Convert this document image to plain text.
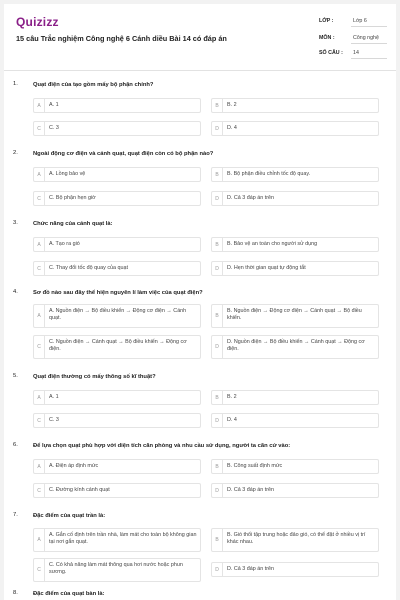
Quizizz
15 câu Trắc nghiệm Công nghệ 6 Cánh diều Bài 14 có đáp án
LỚP :	Lớp 6
MÔN :	Công nghệ
SỐ CÂU : 14
1.	Quạt điện của tạo gồm mấy bộ phận chính?
A	A. 1	B	B. 2
C	C. 3	D	D. 4
2.	Ngoài động cơ điện và cánh quạt, quạt điện còn có bộ phận nào?
A	A. Lồng bảo vệ	B	B. Bộ phận điều chỉnh tốc độ quay.
C	C. Bộ phận hẹn giờ	D	D. Cả 3 đáp án trên
3.	Chức năng của cánh quạt là:
A	A. Tạo ra gió	B	B. Bảo vệ an toàn cho người sử dụng
C	C. Thay đổi tốc độ quay của quạt	D	D. Hẹn thời gian quạt tự động tắt
4.	Sơ đồ nào sau đây thể hiện nguyên lí làm việc của quạt điện?
A
A. Nguồn điện → Bộ điều khiển → Động cơ điện → Cánh quạt.	B
B. Nguồn điện → Động cơ điện → Cánh quạt → Bộ điều khiển.
C
C. Nguồn điện → Cánh quạt → Bộ điều khiển → Động cơ điện.	D
D. Nguồn điện → Bộ điều khiển → Cánh quạt → Động cơ điện.
5.	Quạt điện thường có mấy thông số kĩ thuật?
A	A. 1	B	B. 2
C	C. 3	D	D. 4
6.	Để lựa chọn quạt phù hợp với diện tích căn phòng và nhu cầu sử dụng, người ta căn cứ vào:
A	A. Điện áp định mức	B	B. Công suất định mức
C	C. Đường kính cánh quạt	D	D. Cả 3 đáp án trên
7.	Đặc điểm của quạt trần là:
A
A. Gắn cố định trên trần nhà, làm mát cho toàn bộ không gian tại nơi gắn quạt.	B
B. Gió thổi tập trung hoặc đảo gió, có thể đặt ở nhiều vị trí khác nhau.
C
C. Có khả năng làm mát thông qua hơi nước hoặc phun sương.	D	D. Cả 3 đáp án trên
8.	Đặc điểm của quạt bàn là:
